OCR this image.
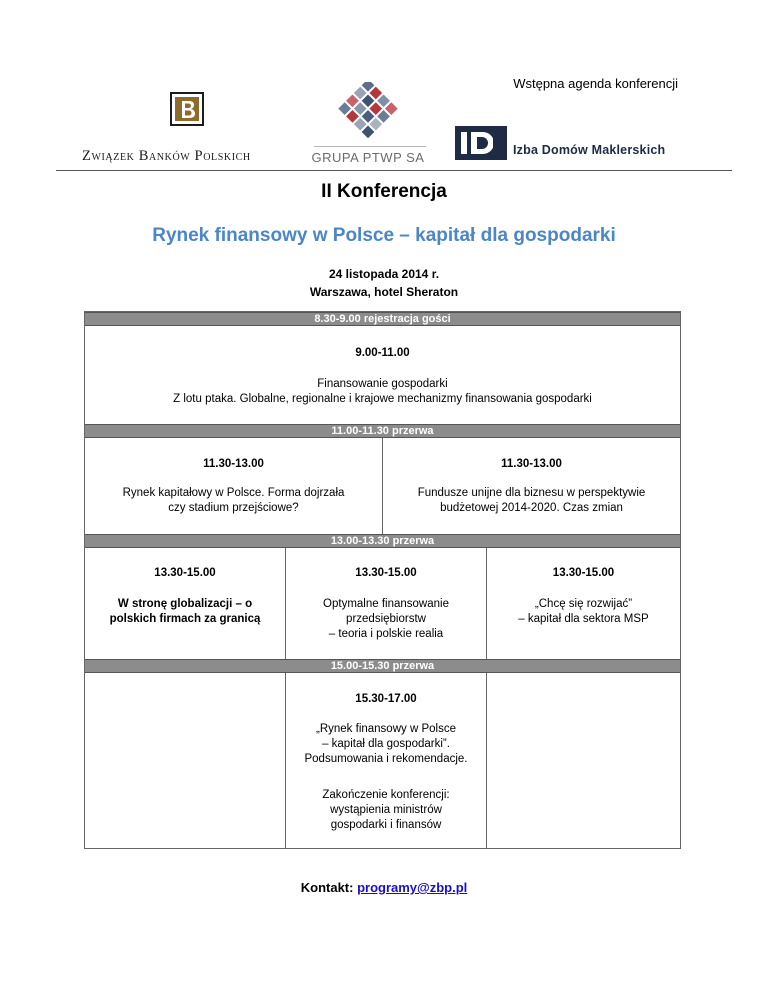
Wstępna agenda konferencji
Związek Banków Polskich	GRUPA PTWP SA	Izba Domów Maklerskich
II Konferencja
Rynek finansowy w Polsce – kapitał dla gospodarki
24 listopada 2014 r.
Warszawa, hotel Sheraton
8.30-9.00 rejestracja gości
9.00-11.00
Finansowanie gospodarki
Z lotu ptaka. Globalne, regionalne i krajowe mechanizmy finansowania gospodarki
11.00-11.30 przerwa
11.30-13.00
Rynek kapitałowy w Polsce. Forma dojrzała
czy stadium przejściowe?
11.30-13.00
Fundusze unijne dla biznesu w perspektywie
budżetowej 2014-2020. Czas zmian
13.00-13.30 przerwa
13.30-15.00
W stronę globalizacji – o
polskich firmach za granicą
13.30-15.00
Optymalne finansowanie
przedsiębiorstw
– teoria i polskie realia
13.30-15.00
„Chcę się rozwijać”
– kapitał dla sektora MSP
15.00-15.30 przerwa
15.30-17.00
„Rynek finansowy w Polsce
– kapitał dla gospodarki”.
Podsumowania i rekomendacje.
Zakończenie konferencji:
wystąpienia ministrów
gospodarki i finansów
Kontakt: programy@zbp.pl
